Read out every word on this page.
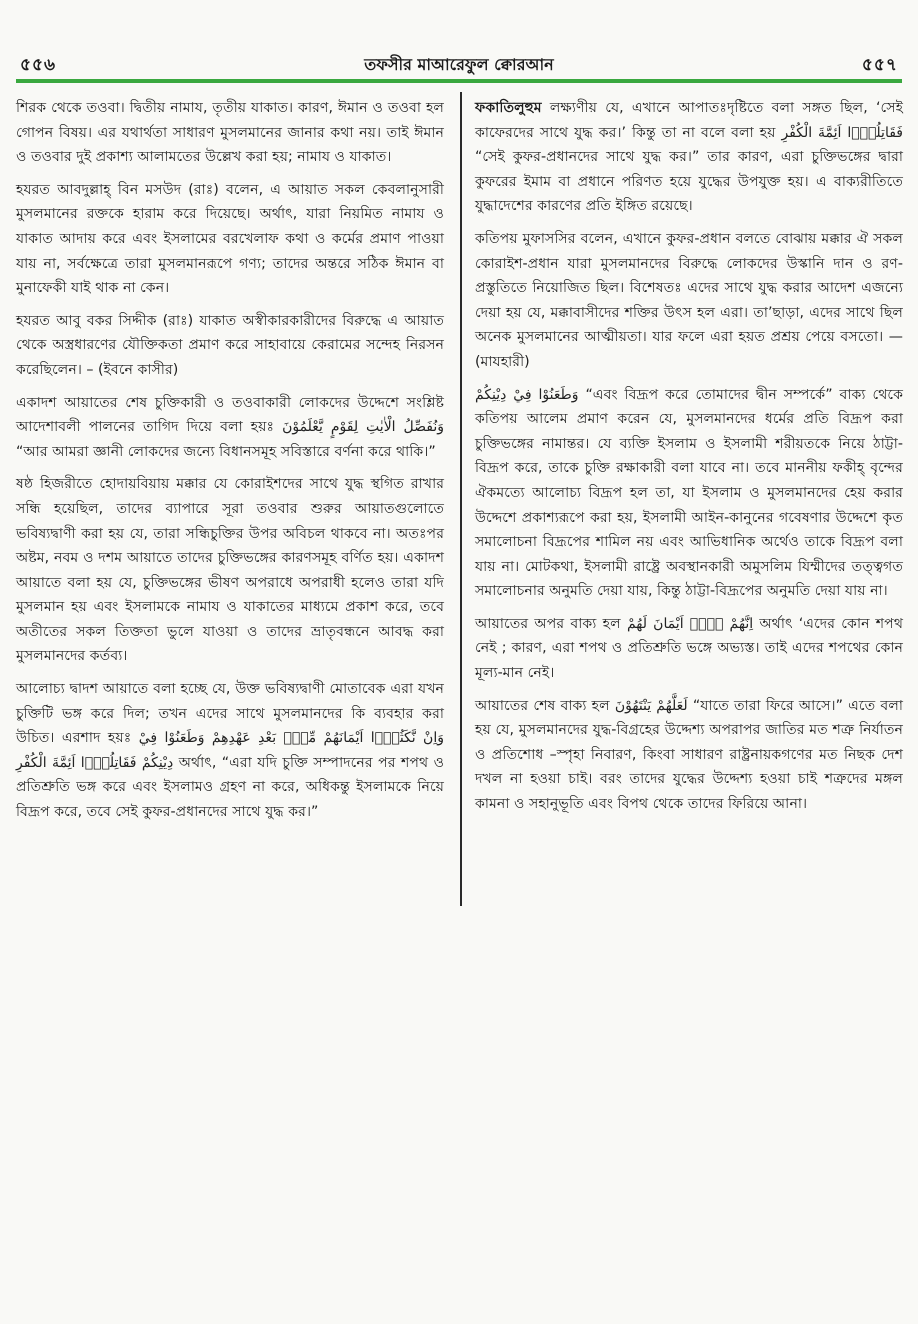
৫৫৬	তফসীর মাআরেফুল ক্বোরআন	৫৫৭

শিরক থেকে তওবা। দ্বিতীয় নামায, তৃতীয় যাকাত। কারণ, ঈমান ও তওবা হল গোপন বিষয়। এর যথার্থতা সাধারণ মুসলমানের জানার কথা নয়। তাই ঈমান ও তওবার দুই প্রকাশ্য আলামতের উল্লেখ করা হয়; নামায ও যাকাত।

হযরত আবদুল্লাহ্ বিন মসউদ (রাঃ) বলেন, এ আয়াত সকল কেবলানুসারী মুসলমানের রক্তকে হারাম করে দিয়েছে। অর্থাৎ, যারা নিয়মিত নামায ও যাকাত আদায় করে এবং ইসলামের বরখেলাফ কথা ও কর্মের প্রমাণ পাওয়া যায় না, সর্বক্ষেত্রে তারা মুসলমানরূপে গণ্য; তাদের অন্তরে সঠিক ঈমান বা মুনাফেকী যাই থাক না কেন।

হযরত আবু বকর সিদ্দীক (রাঃ) যাকাত অস্বীকারকারীদের বিরুদ্ধে এ আয়াত থেকে অস্ত্রধারণের যৌক্তিকতা প্রমাণ করে সাহাবায়ে কেরামের সন্দেহ নিরসন করেছিলেন। – (ইবনে কাসীর)

একাদশ আয়াতের শেষ চুক্তিকারী ও তওবাকারী লোকদের উদ্দেশে সংশ্লিষ্ট আদেশাবলী পালনের তাগিদ দিয়ে বলা হয়ঃ وَنُفَصِّلُ الْاٰيٰتِ لِقَوْمٍ يَّعْلَمُوْنَ “আর আমরা জ্ঞানী লোকদের জন্যে বিধানসমূহ সবিস্তারে বর্ণনা করে থাকি।”

ষষ্ঠ হিজরীতে হোদায়বিয়ায় মক্কার যে কোরাইশদের সাথে যুদ্ধ স্থগিত রাখার সন্ধি হয়েছিল, তাদের ব্যাপারে সূরা তওবার শুরুর আয়াতগুলোতে ভবিষ্যদ্বাণী করা হয় যে, তারা সন্ধিচুক্তির উপর অবিচল থাকবে না। অতঃপর অষ্টম, নবম ও দশম আয়াতে তাদের চুক্তিভঙ্গের কারণসমূহ বর্ণিত হয়। একাদশ আয়াতে বলা হয় যে, চুক্তিভঙ্গের ভীষণ অপরাধে অপরাধী হলেও তারা যদি মুসলমান হয় এবং ইসলামকে নামায ও যাকাতের মাধ্যমে প্রকাশ করে, তবে অতীতের সকল তিক্ততা ভুলে যাওয়া ও তাদের ভ্রাতৃবন্ধনে আবদ্ধ করা মুসলমানদের কর্তব্য।

আলোচ্য দ্বাদশ আয়াতে বলা হচ্ছে যে, উক্ত ভবিষ্যদ্বাণী মোতাবেক এরা যখন চুক্তিটি ভঙ্গ করে দিল; তখন এদের সাথে মুসলমানদের কি ব্যবহার করা উচিত। এরশাদ হয়ঃ وَاِنْ نَّكَثُوْۤا اَيْمَانَهُمْ مِّنْۢ بَعْدِ عَهْدِهِمْ وَطَعَنُوْا فِيْ دِيْنِكُمْ فَقَاتِلُوْۤا اَئِمَّةَ الْكُفْرِ অর্থাৎ, “এরা যদি চুক্তি সম্পাদনের পর শপথ ও প্রতিশ্রুতি ভঙ্গ করে এবং ইসলামও গ্রহণ না করে, অধিকন্তু ইসলামকে নিয়ে বিদ্রূপ করে, তবে সেই কুফর-প্রধানদের সাথে যুদ্ধ কর।”

ফকাতিলুহুম লক্ষ্যণীয় যে, এখানে আপাতঃদৃষ্টিতে বলা সঙ্গত ছিল, ‘সেই কাফেরদের সাথে যুদ্ধ কর।’ কিন্তু তা না বলে বলা হয় فَقَاتِلُوْۤا اَئِمَّةَ الْكُفْرِ “সেই কুফর-প্রধানদের সাথে যুদ্ধ কর।” তার কারণ, এরা চুক্তিভঙ্গের দ্বারা কুফরের ইমাম বা প্রধানে পরিণত হয়ে যুদ্ধের উপযুক্ত হয়। এ বাক্যরীতিতে যুদ্ধাদেশের কারণের প্রতি ইঙ্গিত রয়েছে।

কতিপয় মুফাসসির বলেন, এখানে কুফর-প্রধান বলতে বোঝায় মক্কার ঐ সকল কোরাইশ-প্রধান যারা মুসলমানদের বিরুদ্ধে লোকদের উস্কানি দান ও রণ-প্রস্তুতিতে নিয়োজিত ছিল। বিশেষতঃ এদের সাথে যুদ্ধ করার আদেশ এজন্যে দেয়া হয় যে, মক্কাবাসীদের শক্তির উৎস হল এরা। তা’ছাড়া, এদের সাথে ছিল অনেক মুসলমানের আত্মীয়তা। যার ফলে এরা হয়ত প্রশ্রয় পেয়ে বসতো। —(মাযহারী)

وَطَعَنُوْا فِيْ دِيْنِكُمْ “এবং বিদ্রূপ করে তোমাদের দ্বীন সম্পর্কে” বাক্য থেকে কতিপয় আলেম প্রমাণ করেন যে, মুসলমানদের ধর্মের প্রতি বিদ্রূপ করা চুক্তিভঙ্গের নামান্তর। যে ব্যক্তি ইসলাম ও ইসলামী শরীয়তকে নিয়ে ঠাট্টা-বিদ্রূপ করে, তাকে চুক্তি রক্ষাকারী বলা যাবে না। তবে মাননীয় ফকীহ্ বৃন্দের ঐকমত্যে আলোচ্য বিদ্রূপ হল তা, যা ইসলাম ও মুসলমানদের হেয় করার উদ্দেশে প্রকাশ্যরূপে করা হয়, ইসলামী আইন-কানুনের গবেষণার উদ্দেশে কৃত সমালোচনা বিদ্রূপের শামিল নয় এবং আভিধানিক অর্থেও তাকে বিদ্রূপ বলা যায় না। মোটকথা, ইসলামী রাষ্ট্রে অবস্থানকারী অমুসলিম যিম্মীদের তত্ত্বগত সমালোচনার অনুমতি দেয়া যায়, কিন্তু ঠাট্টা-বিদ্রূপের অনুমতি দেয়া যায় না।

আয়াতের অপর বাক্য হল اِنَّهُمْ لَاۤ اَيْمَانَ لَهُمْ অর্থাৎ ‘এদের কোন শপথ নেই ; কারণ, এরা শপথ ও প্রতিশ্রুতি ভঙ্গে অভ্যস্ত। তাই এদের শপথের কোন মূল্য-মান নেই।

আয়াতের শেষ বাক্য হল لَعَلَّهُمْ يَنْتَهُوْنَ “যাতে তারা ফিরে আসে।” এতে বলা হয় যে, মুসলমানদের যুদ্ধ-বিগ্রহের উদ্দেশ্য অপরাপর জাতির মত শত্রু নির্যাতন ও প্রতিশোধ –স্পৃহা নিবারণ, কিংবা সাধারণ রাষ্ট্রনায়কগণের মত নিছক দেশ দখল না হওয়া চাই। বরং তাদের যুদ্ধের উদ্দেশ্য হওয়া চাই শত্রুদের মঙ্গল কামনা ও সহানুভূতি এবং বিপথ থেকে তাদের ফিরিয়ে আনা।
